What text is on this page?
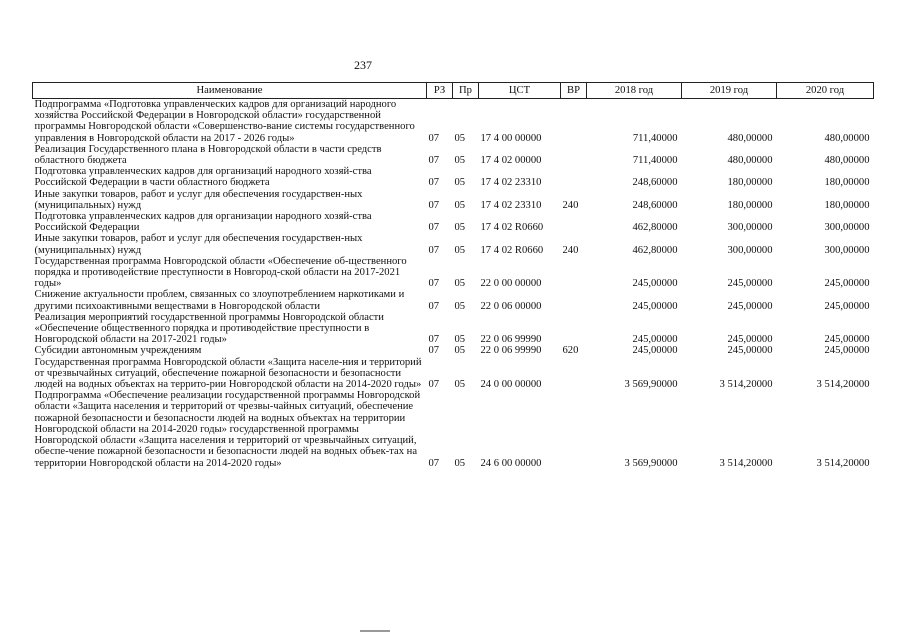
237
Наименование	РЗ	Пр	ЦСТ	ВР	2018 год	2019 год	2020 год
Подпрограмма «Подготовка управленческих кадров для организаций народного хозяйства Российской Федерации в Новгородской области» государственной программы Новгородской области «Совершенство-вание системы государственного управления в Новгородской области на 2017 - 2026 годы»	07	05	17 4 00 00000		711,40000	480,00000	480,00000
Реализация Государственного плана в Новгородской области в части средств областного бюджета	07	05	17 4 02 00000		711,40000	480,00000	480,00000
Подготовка управленческих кадров для организаций народного хозяй-ства Российской Федерации в части областного бюджета	07	05	17 4 02 23310		248,60000	180,00000	180,00000
Иные закупки товаров, работ и услуг для обеспечения государствен-ных (муниципальных) нужд	07	05	17 4 02 23310	240	248,60000	180,00000	180,00000
Подготовка управленческих кадров для организации народного хозяй-ства Российской Федерации	07	05	17 4 02 R0660		462,80000	300,00000	300,00000
Иные закупки товаров, работ и услуг для обеспечения государствен-ных (муниципальных) нужд	07	05	17 4 02 R0660	240	462,80000	300,00000	300,00000
Государственная программа Новгородской области «Обеспечение об-щественного порядка и противодействие преступности в Новгород-ской области на 2017-2021 годы»	07	05	22 0 00 00000		245,00000	245,00000	245,00000
Снижение актуальности проблем, связанных со злоупотреблением наркотиками и другими психоактивными веществами в Новгородской области	07	05	22 0 06 00000		245,00000	245,00000	245,00000
Реализация мероприятий государственной программы Новгородской области «Обеспечение общественного порядка и противодействие преступности в Новгородской области на 2017-2021 годы»	07	05	22 0 06 99990		245,00000	245,00000	245,00000
Субсидии автономным учреждениям	07	05	22 0 06 99990	620	245,00000	245,00000	245,00000
Государственная программа Новгородской области «Защита населе-ния и территорий от чрезвычайных ситуаций, обеспечение пожарной безопасности и безопасности людей на водных объектах на террито-рии Новгородской области на 2014-2020 годы»	07	05	24 0 00 00000		3 569,90000	3 514,20000	3 514,20000
Подпрограмма «Обеспечение реализации государственной программы Новгородской области «Защита населения и территорий от чрезвы-чайных ситуаций, обеспечение пожарной безопасности и безопасности людей на водных объектах на территории Новгородской области на 2014-2020 годы» государственной программы Новгородской области «Защита населения и территорий от чрезвычайных ситуаций, обеспе-чение пожарной безопасности и безопасности людей на водных объек-тах на территории Новгородской области на 2014-2020 годы»	07	05	24 6 00 00000		3 569,90000	3 514,20000	3 514,20000
